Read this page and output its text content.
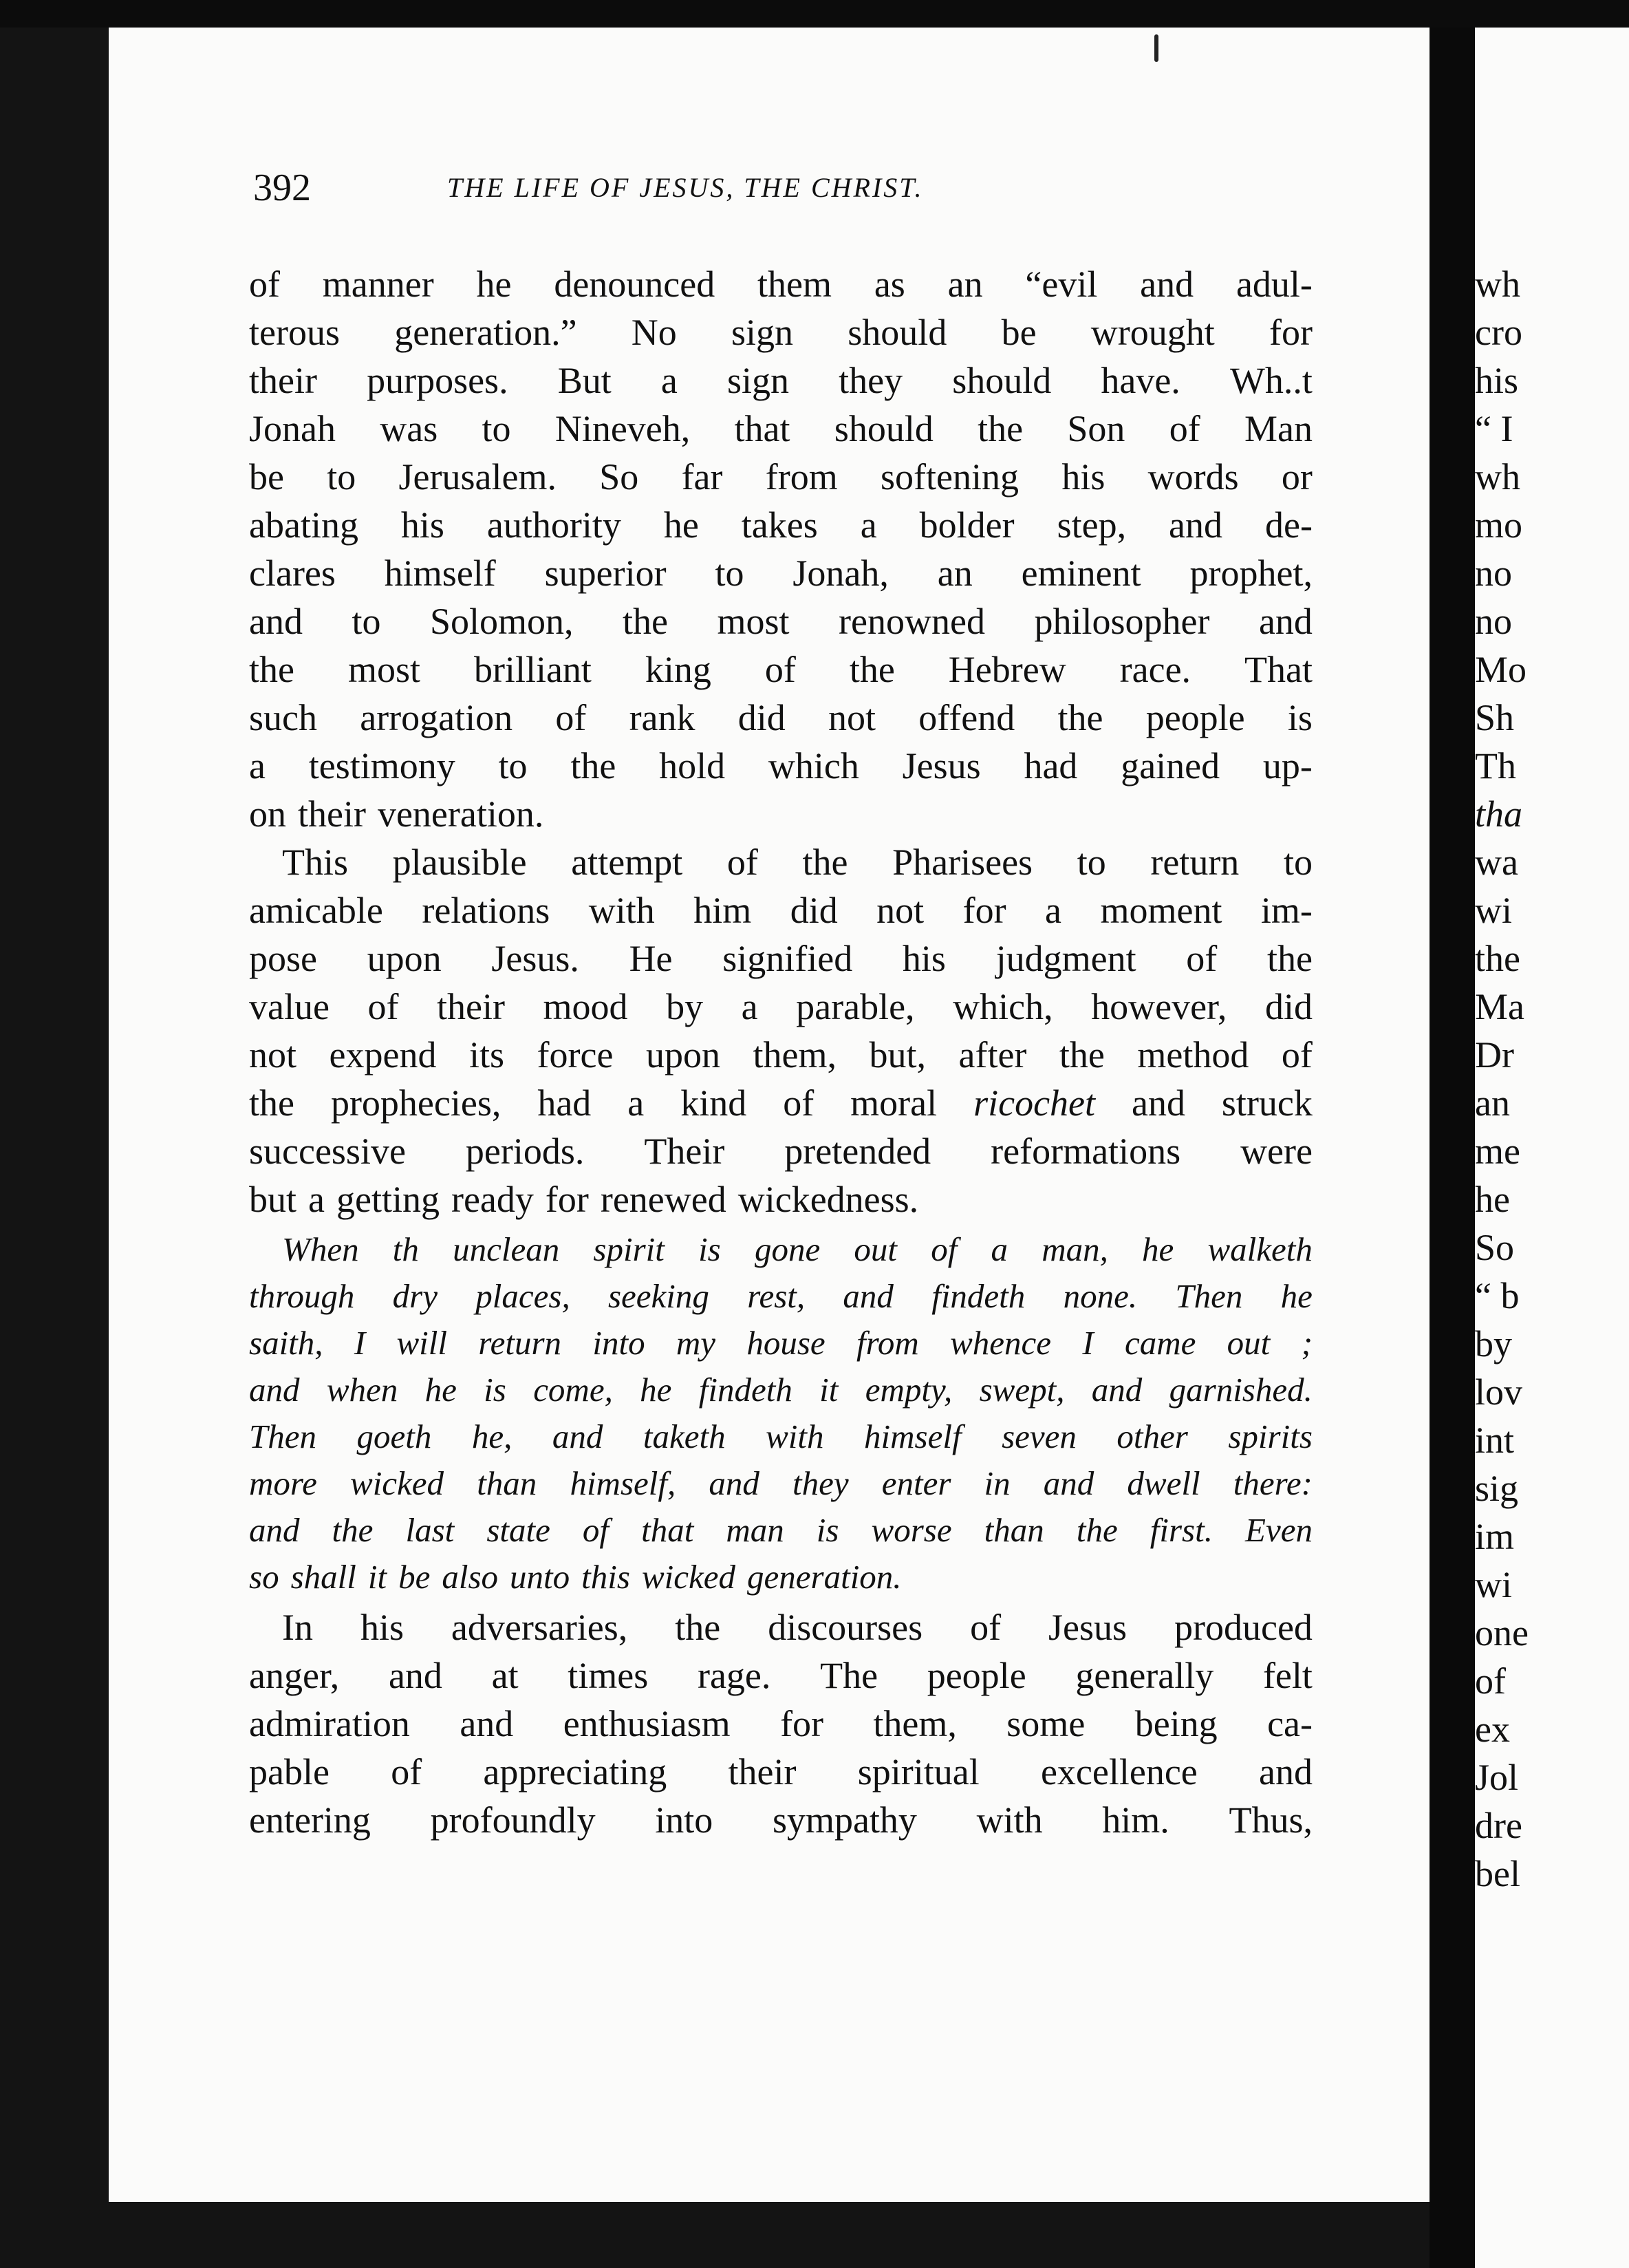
392	THE LIFE OF JESUS, THE CHRIST.
of manner he denounced them as an “evil and adul-
terous generation.” No sign should be wrought for
their purposes. But a sign they should have. Wh..t
Jonah was to Nineveh, that should the Son of Man
be to Jerusalem. So far from softening his words or
abating his authority he takes a bolder step, and de-
clares himself superior to Jonah, an eminent prophet,
and to Solomon, the most renowned philosopher and
the most brilliant king of the Hebrew race. That
such arrogation of rank did not offend the people is
a testimony to the hold which Jesus had gained up-
on their veneration.
This plausible attempt of the Pharisees to return to
amicable relations with him did not for a moment im-
pose upon Jesus. He signified his judgment of the
value of their mood by a parable, which, however, did
not expend its force upon them, but, after the method of
the prophecies, had a kind of moral ricochet and struck
successive periods. Their pretended reformations were
but a getting ready for renewed wickedness.
When th unclean spirit is gone out of a man, he walketh
through dry places, seeking rest, and findeth none. Then he
saith, I will return into my house from whence I came out ;
and when he is come, he findeth it empty, swept, and garnished.
Then goeth he, and taketh with himself seven other spirits
more wicked than himself, and they enter in and dwell there:
and the last state of that man is worse than the first. Even
so shall it be also unto this wicked generation.
In his adversaries, the discourses of Jesus produced
anger, and at times rage. The people generally felt
admiration and enthusiasm for them, some being ca-
pable of appreciating their spiritual excellence and
entering profoundly into sympathy with him. Thus,
wh
cro
his
“ I
wh
mo
no
no
Mo
Sh
Th
tha
wa
wi
the
Ma
Dr
an
me
he
So
“ b
by
lov
int
sig
im
wi
one
of
ex
Jol
dre
bel
